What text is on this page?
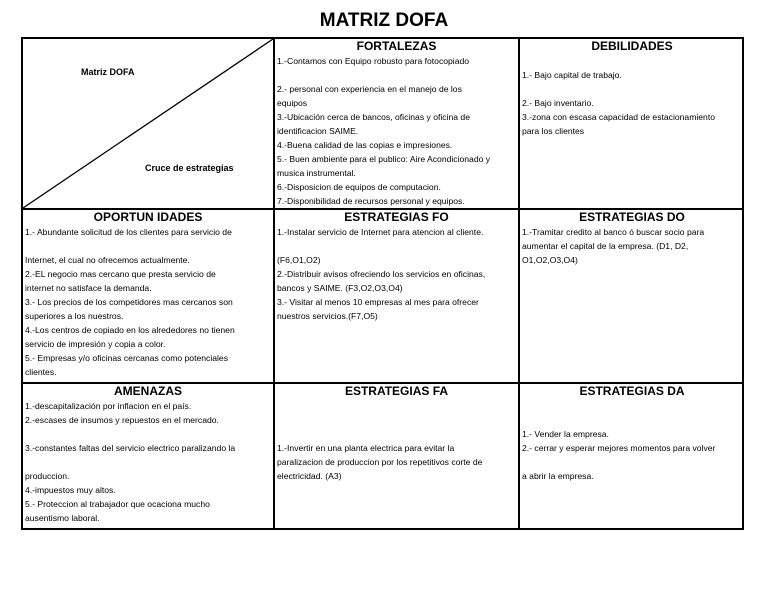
MATRIZ DOFA
Matriz DOFA
Cruce de estrategias
FORTALEZAS
1.-Contamos con Equipo robusto para fotocopiado
2.- personal con experiencia en el manejo de los
equipos
3.-Ubicación cerca de bancos, oficinas y oficina de
identificacion SAIME.
4.-Buena calidad de las copias e impresiones.
5.- Buen ambiente para el publico: Aire Acondicionado y
musica instrumental.
6.-Disposicion de equipos de computacion.
7.-Disponibilidad de recursos personal y equipos.
DEBILIDADES
1.- Bajo capital de trabajo.
2.- Bajo inventario.
3.-zona con escasa capacidad de estacionamiento
para los clientes
OPORTUN IDADES
1.- Abundante solicitud de los clientes para servicio de
Internet, el cual no ofrecemos actualmente.
2.-EL negocio mas cercano que presta servicio de
internet no satisface la demanda.
3.- Los precios de los competidores mas cercanos son
superiores a los nuestros.
4.-Los centros de copiado en los alrededores no tienen
servicio de impresión y copia a color.
5.- Empresas y/o oficinas cercanas como potenciales
clientes.
ESTRATEGIAS FO
1.-Instalar servicio de Internet para atencion al cliente.
(F6,O1,O2)
2.-Distribuir avisos ofreciendo los servicios en oficinas,
bancos y SAIME. (F3,O2,O3,O4)
3.- Visitar al menos 10 empresas al mes para ofrecer
nuestros servicios.(F7,O5)
ESTRATEGIAS DO
1.-Tramitar credito al banco ó buscar socio para
aumentar el capital de la empresa. (D1, D2,
O1,O2,O3,O4)
AMENAZAS
1.-descapitalización por inflacion en el país.
2.-escases de insumos y repuestos en el mercado.
3.-constantes faltas del servicio electrico paralizando la
produccion.
4.-impuestos muy altos.
5.- Proteccion al trabajador que ocaciona mucho
ausentismo laboral.
ESTRATEGIAS FA
1.-Invertir en una planta electrica para evitar la
paralizacion de produccion por los repetitivos corte de
electricidad. (A3)
ESTRATEGIAS DA
1.- Vender la empresa.
2.- cerrar y esperar mejores momentos para volver
a abrir la empresa.
